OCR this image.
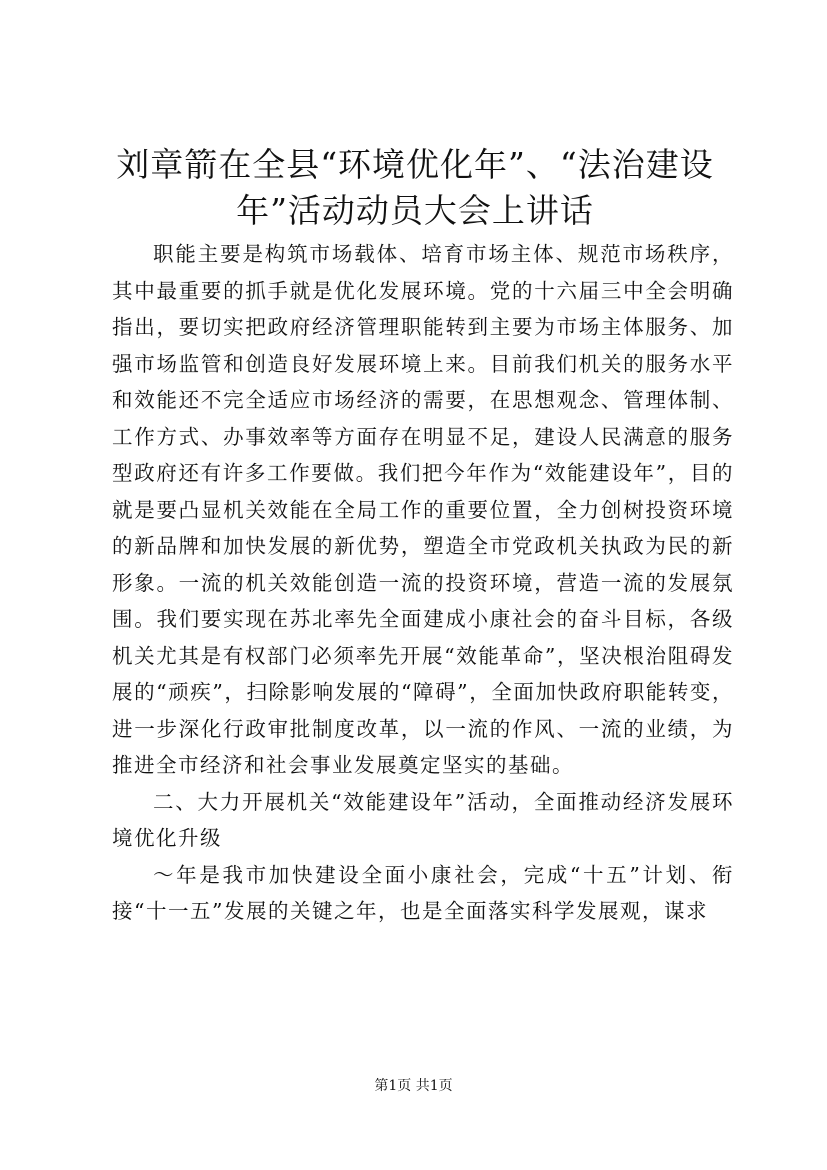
刘章箭在全县“环境优化年”、“法治建设
年”活动动员大会上讲话

职能主要是构筑市场载体、培育市场主体、规范市场秩序，其中最重要的抓手就是优化发展环境。党的十六届三中全会明确指出，要切实把政府经济管理职能转到主要为市场主体服务、加强市场监管和创造良好发展环境上来。目前我们机关的服务水平和效能还不完全适应市场经济的需要，在思想观念、管理体制、工作方式、办事效率等方面存在明显不足，建设人民满意的服务型政府还有许多工作要做。我们把今年作为“效能建设年”，目的就是要凸显机关效能在全局工作的重要位置，全力创树投资环境的新品牌和加快发展的新优势，塑造全市党政机关执政为民的新形象。一流的机关效能创造一流的投资环境，营造一流的发展氛围。我们要实现在苏北率先全面建成小康社会的奋斗目标，各级机关尤其是有权部门必须率先开展“效能革命”，坚决根治阻碍发展的“顽疾”，扫除影响发展的“障碍”，全面加快政府职能转变，进一步深化行政审批制度改革，以一流的作风、一流的业绩，为推进全市经济和社会事业发展奠定坚实的基础。

二、大力开展机关“效能建设年”活动，全面推动经济发展环境优化升级

～年是我市加快建设全面小康社会，完成“十五”计划、衔接“十一五”发展的关键之年，也是全面落实科学发展观，谋求

第1页 共1页
